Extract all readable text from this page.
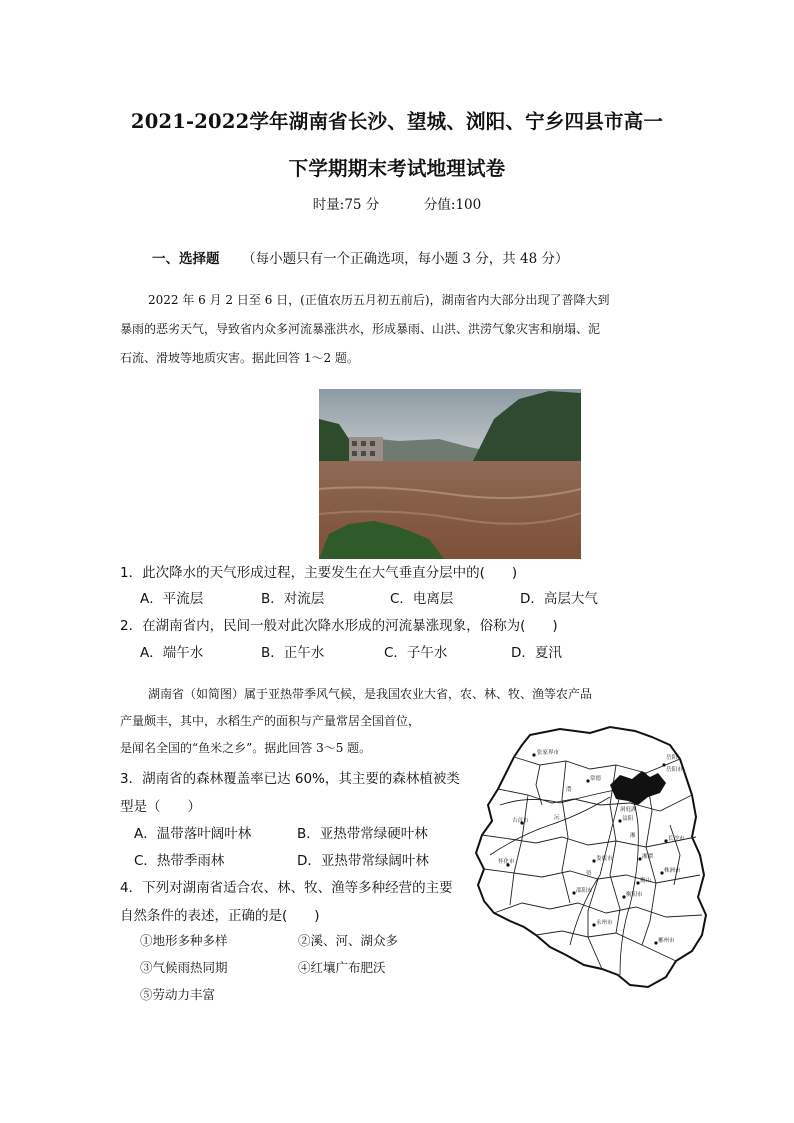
2021-2022学年湖南省长沙、望城、浏阳、宁乡四县市高一
下学期期末考试地理试卷
时量:75 分	分值:100
一、选择题 （每小题只有一个正确选项，每小题 3 分，共 48 分）
2022 年 6 月 2 日至 6 日，(正值农历五月初五前后)，湖南省内大部分出现了普降大到
暴雨的恶劣天气，导致省内众多河流暴涨洪水，形成暴雨、山洪、洪涝气象灾害和崩塌、泥
石流、滑坡等地质灾害。据此回答 1～2 题。
1．此次降水的天气形成过程，主要发生在大气垂直分层中的(　　)
A．平流层	B．对流层	C．电离层	D．高层大气
2．在湖南省内，民间一般对此次降水形成的河流暴涨现象，俗称为(　　)
A．端午水	B．正午水	C．子午水	D．夏汛
湖南省（如简图）属于亚热带季风气候，是我国农业大省，农、林、牧、渔等农产品
产量颇丰，其中，水稻生产的面积与产量常居全国首位，
是闻名全国的“鱼米之乡”。据此回答 3～5 题。
3．湖南省的森林覆盖率已达 60%，其主要的森林植被类
型是（　　）
A．温带落叶阔叶林	B．亚热带常绿硬叶林
C．热带季雨林	D．亚热带常绿阔叶林
4．下列对湖南省适合农、林、牧、渔等多种经营的主要
自然条件的表述，正确的是(　　)
①地形多种多样	②溪、河、湖众多
③气候雨热同期	④红壤广布肥沃
⑤劳动力丰富
张家界市
常德
岳阳
岳阳市
澧
沅	益阳
吉首市
怀化市
长沙市
湘潭
株洲市
娄底市
湘
邵阳市
衡阳市
衡山
资
永州市
郴州市
洞庭湖
